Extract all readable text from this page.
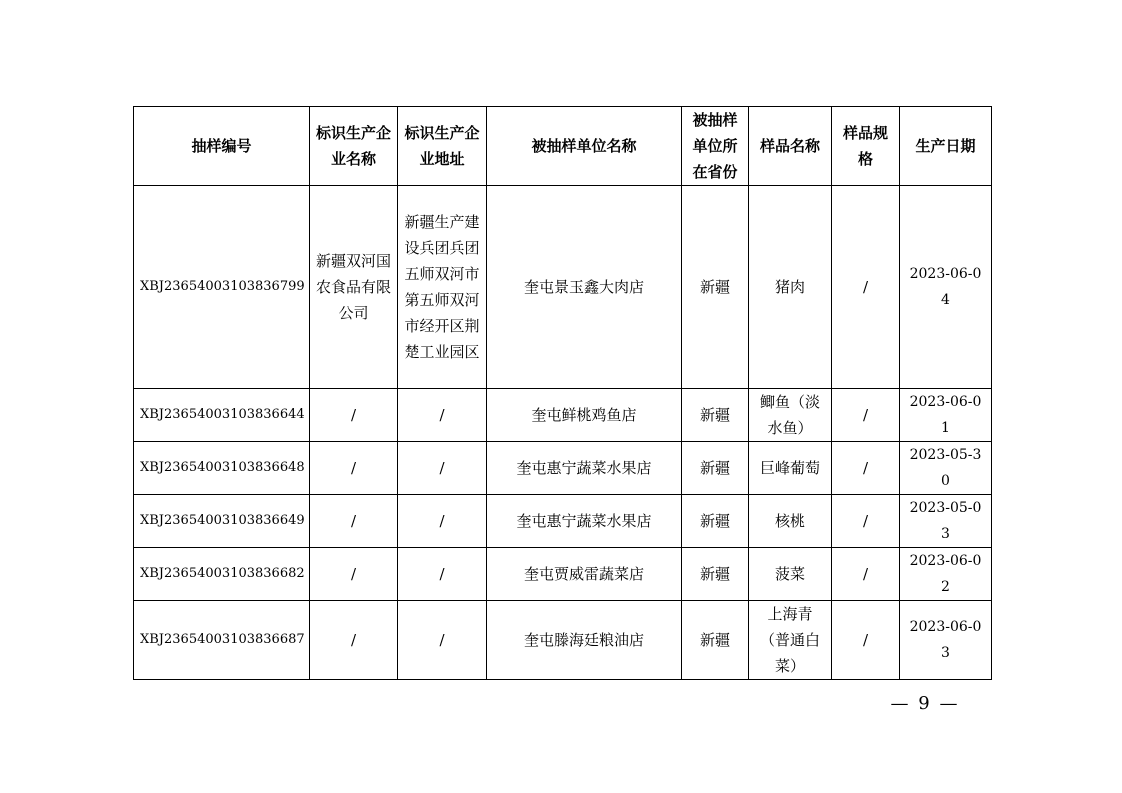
抽样编号	标识生产企业名称	标识生产企业地址	被抽样单位名称	被抽样单位所在省份	样品名称	样品规格	生产日期
XBJ23654003103836799	新疆双河国农食品有限公司	新疆生产建设兵团兵团五师双河市第五师双河市经开区荆楚工业园区	奎屯景玉鑫大肉店	新疆	猪肉	/	2023-06-04
XBJ23654003103836644	/	/	奎屯鲜桃鸡鱼店	新疆	鲫鱼（淡水鱼）	/	2023-06-01
XBJ23654003103836648	/	/	奎屯惠宁蔬菜水果店	新疆	巨峰葡萄	/	2023-05-30
XBJ23654003103836649	/	/	奎屯惠宁蔬菜水果店	新疆	核桃	/	2023-05-03
XBJ23654003103836682	/	/	奎屯贾威雷蔬菜店	新疆	菠菜	/	2023-06-02
XBJ23654003103836687	/	/	奎屯滕海廷粮油店	新疆	上海青（普通白菜）	/	2023-06-03
— 9 —
